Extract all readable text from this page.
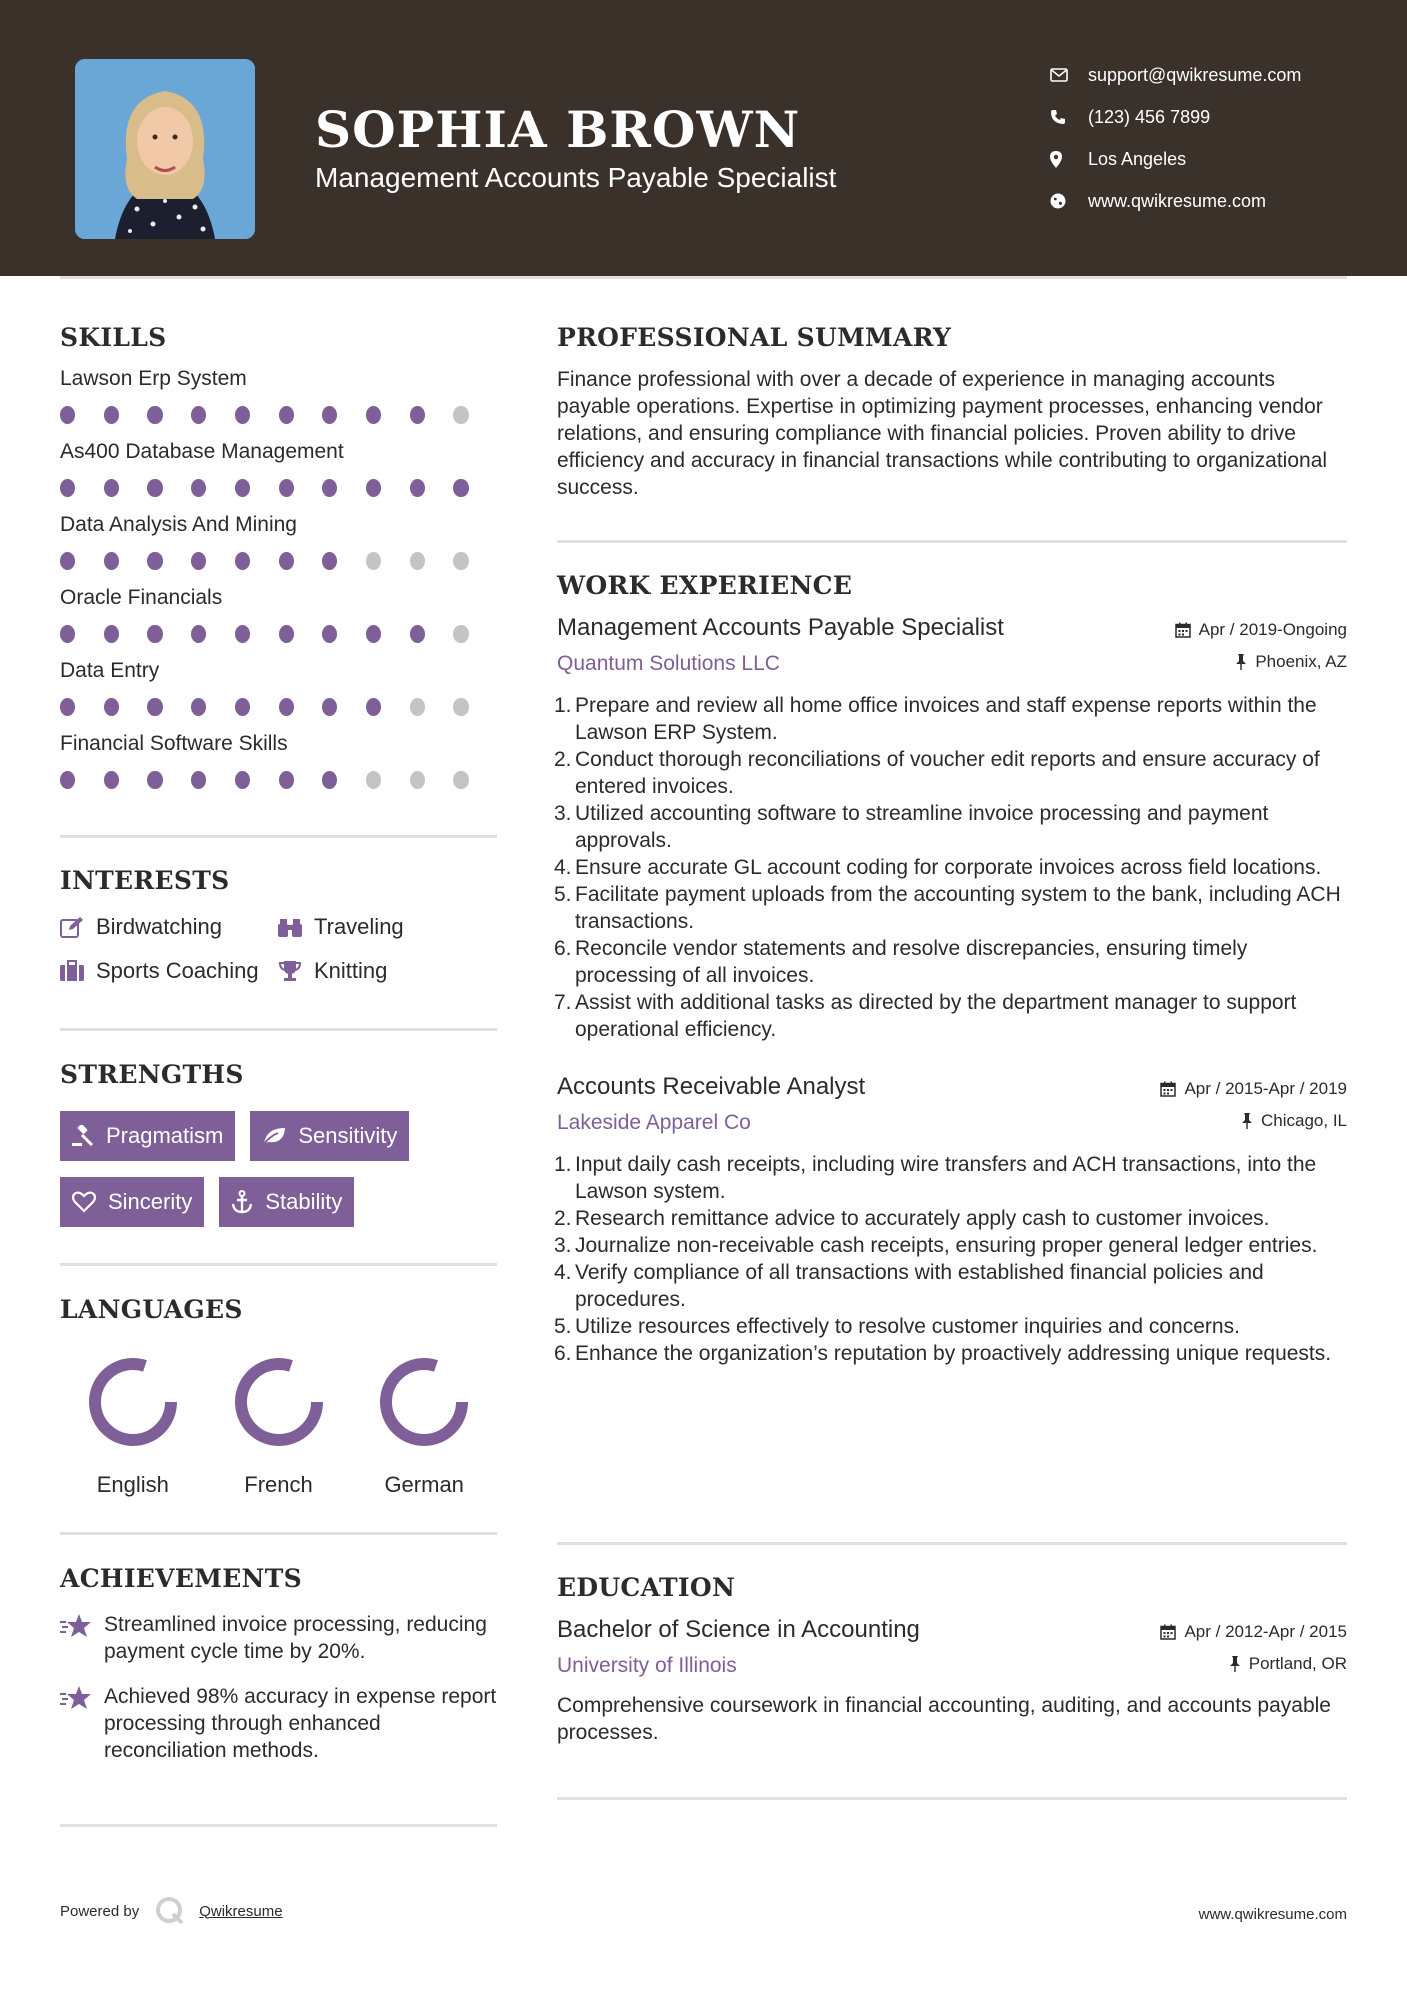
SOPHIA BROWN
Management Accounts Payable Specialist
support@qwikresume.com
(123) 456 7899
Los Angeles
www.qwikresume.com
SKILLS
Lawson Erp System
As400 Database Management
Data Analysis And Mining
Oracle Financials
Data Entry
Financial Software Skills
INTERESTS
Birdwatching	Traveling
Sports Coaching	Knitting
STRENGTHS
Pragmatism	Sensitivity
Sincerity	Stability
LANGUAGES
English	French	German
ACHIEVEMENTS
Streamlined invoice processing, reducing payment cycle time by 20%.
Achieved 98% accuracy in expense report processing through enhanced reconciliation methods.
PROFESSIONAL SUMMARY

Finance professional with over a decade of experience in managing accounts payable operations. Expertise in optimizing payment processes, enhancing vendor relations, and ensuring compliance with financial policies. Proven ability to drive efficiency and accuracy in financial transactions while contributing to organizational success.

WORK EXPERIENCE
Management Accounts Payable Specialist
Quantum Solutions LLC
Apr / 2019-Ongoing
Phoenix, AZ
1. Prepare and review all home office invoices and staff expense reports within the Lawson ERP System.
2. Conduct thorough reconciliations of voucher edit reports and ensure accuracy of entered invoices.
3. Utilized accounting software to streamline invoice processing and payment approvals.
4. Ensure accurate GL account coding for corporate invoices across field locations.
5. Facilitate payment uploads from the accounting system to the bank, including ACH transactions.
6. Reconcile vendor statements and resolve discrepancies, ensuring timely processing of all invoices.
7. Assist with additional tasks as directed by the department manager to support operational efficiency.
Accounts Receivable Analyst
Lakeside Apparel Co
Apr / 2015-Apr / 2019
Chicago, IL
1. Input daily cash receipts, including wire transfers and ACH transactions, into the Lawson system.
2. Research remittance advice to accurately apply cash to customer invoices.
3. Journalize non-receivable cash receipts, ensuring proper general ledger entries.
4. Verify compliance of all transactions with established financial policies and procedures.
5. Utilize resources effectively to resolve customer inquiries and concerns.
6. Enhance the organization’s reputation by proactively addressing unique requests.
EDUCATION
Bachelor of Science in Accounting
University of Illinois
Apr / 2012-Apr / 2015
Portland, OR

Comprehensive coursework in financial accounting, auditing, and accounts payable processes.

Powered by	Qwikresume	www.qwikresume.com
